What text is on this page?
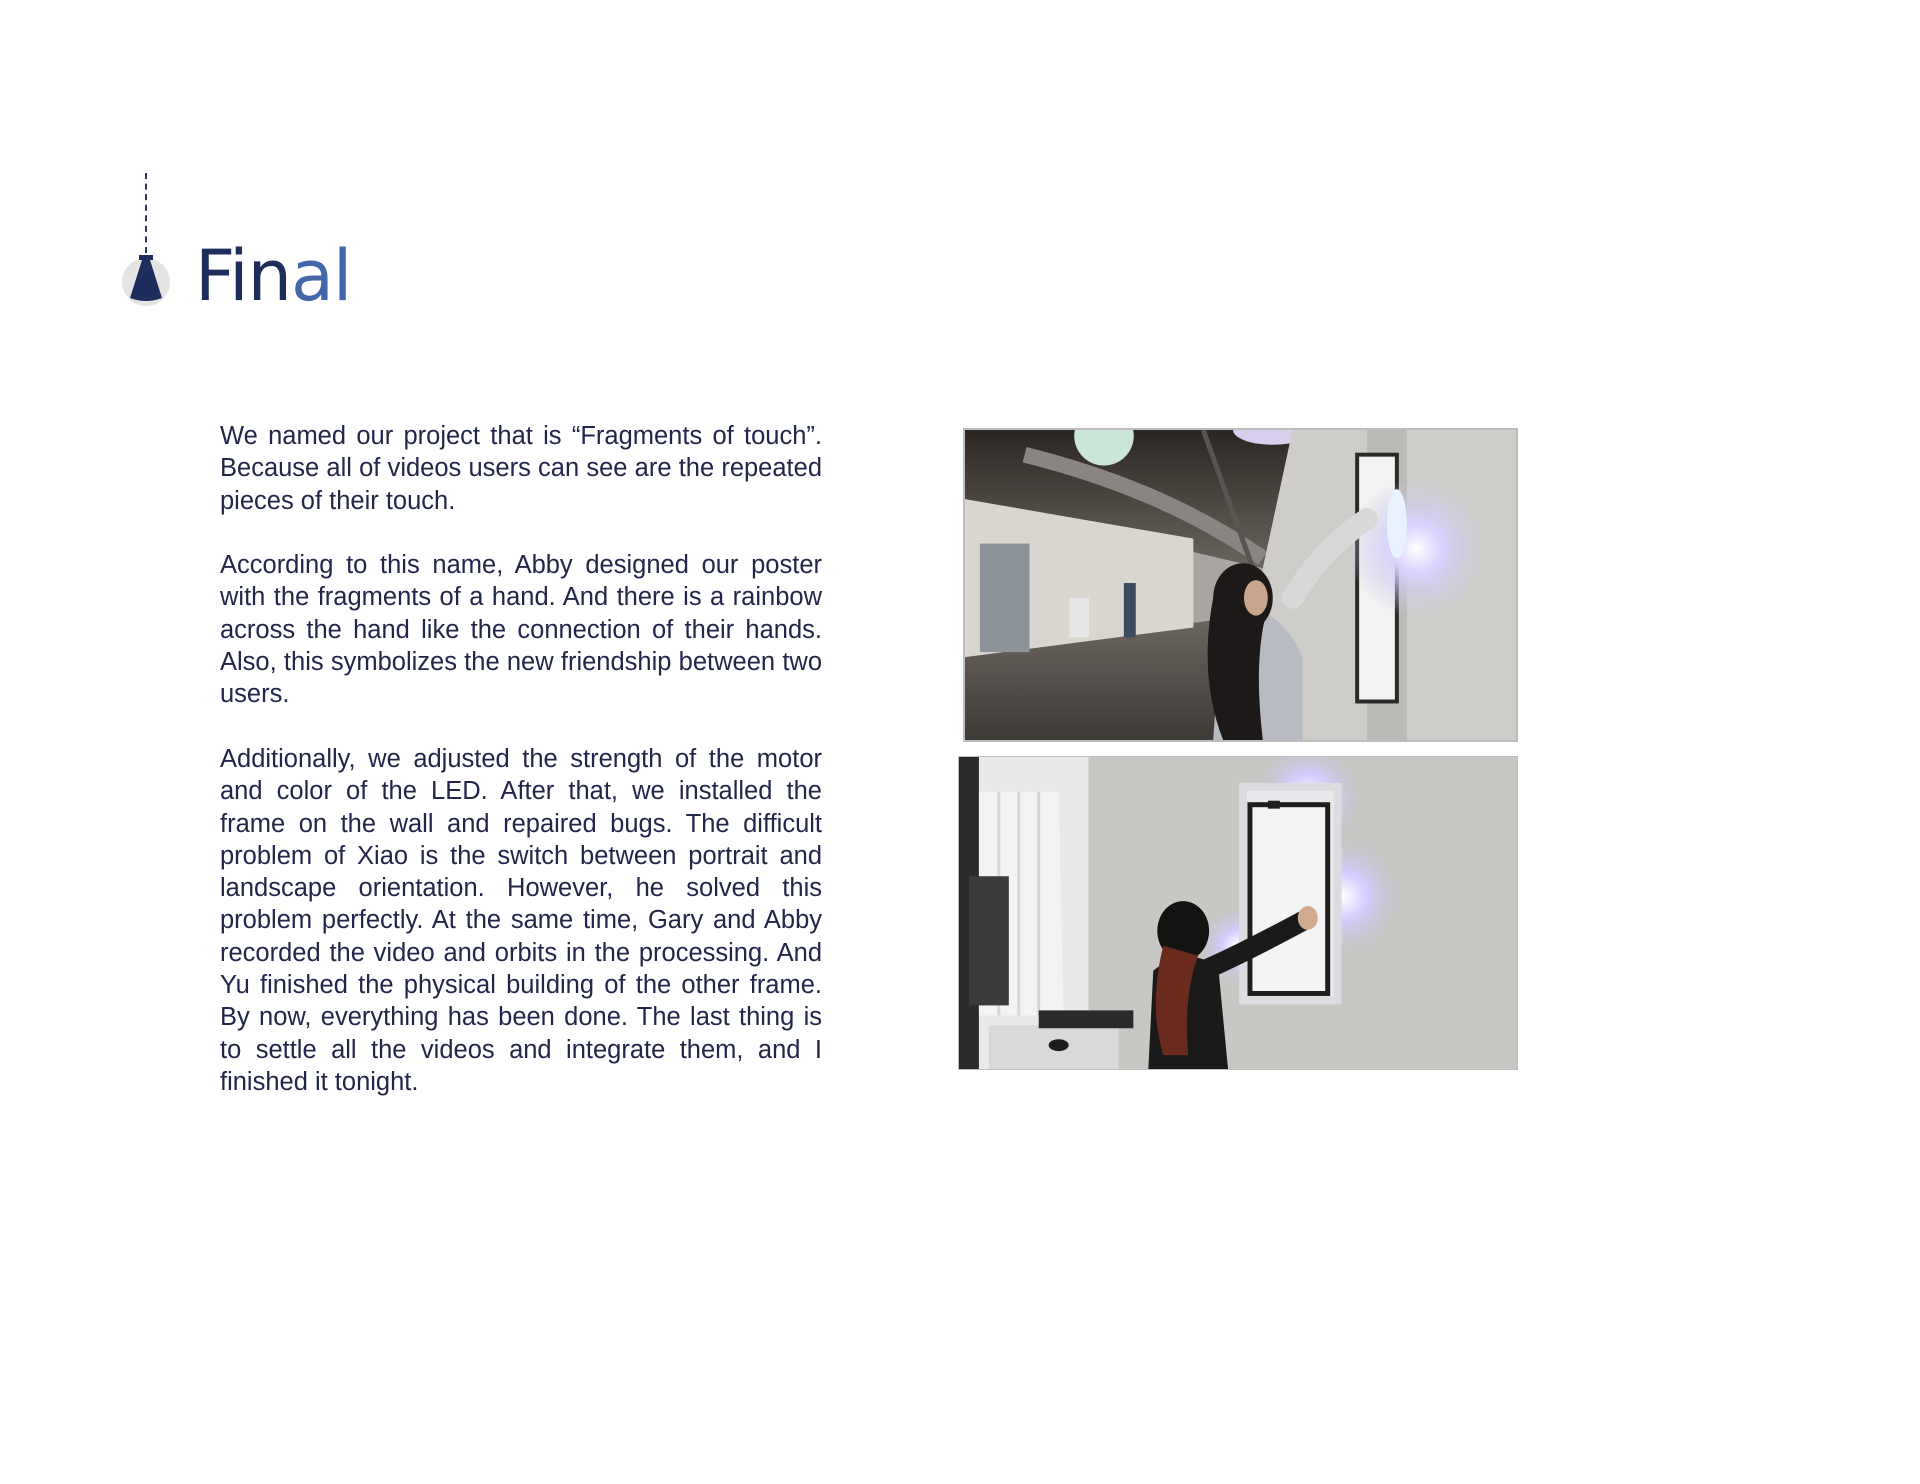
Final

We named our project that is “Fragments of touch”. Because all of videos users can see are the repeated pieces of their touch.

According to this name, Abby designed our poster with the fragments of a hand. And there is a rainbow across the hand like the connection of their hands. Also, this symbolizes the new friendship between two users.

Additionally, we adjusted the strength of the motor and color of the LED. After that, we installed the frame on the wall and repaired bugs. The difficult problem of Xiao is the switch between portrait and landscape orientation. However, he solved this problem perfectly. At the same time, Gary and Abby recorded the video and orbits in the processing. And Yu finished the physical building of the other frame. By now, everything has been done. The last thing is to settle all the videos and integrate them, and I finished it tonight.
